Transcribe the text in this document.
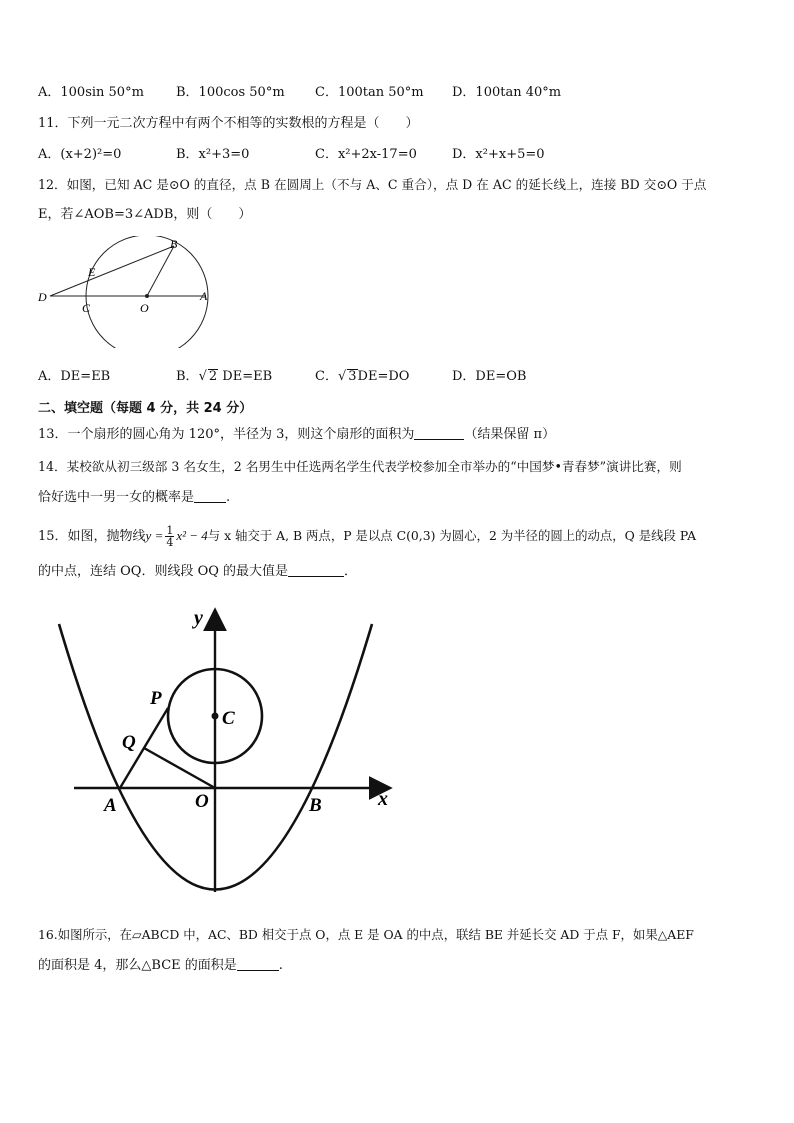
A．100sin 50°m B．100cos 50°m C．100tan 50°m D．100tan 40°m
11．下列一元二次方程中有两个不相等的实数根的方程是（　　）
A．(x+2)²=0	B．x²+3=0	C．x²+2x-17=0	D．x²+x+5=0
12．如图，已知 AC 是⊙O 的直径，点 B 在圆周上（不与 A、C 重合），点 D 在 AC 的延长线上，连接 BD 交⊙O 于点
E，若∠AOB=3∠ADB，则（　　）
B
E
D
C	O
A
A．DE=EB	B．√ 2 DE=EB	C．√ 3DE=DO	D．DE=OB
二、填空题（每题 4 分，共 24 分）
13．一个扇形的圆心角为 120°，半径为 3，则这个扇形的面积为	（结果保留 π）
14．某校欲从初三级部 3 名女生，2 名男生中任选两名学生代表学校参加全市举办的“中国梦•青春梦”演讲比赛，则
恰好选中一男一女的概率是 .
15．如图，抛物线$y = \frac{1}{4} x^2 - 4$与 x 轴交于 A, B 两点，P 是以点 C(0,3) 为圆心，2 为半径的圆上的动点，Q 是线段 PA
的中点，连结 OQ．则线段 OQ 的最大值是	．
y
x
P
C
Q
A	O	B
16.如图所示，在▱ABCD 中，AC、BD 相交于点 O，点 E 是 OA 的中点，联结 BE 并延长交 AD 于点 F，如果△AEF
的面积是 4，那么△BCE 的面积是	.
